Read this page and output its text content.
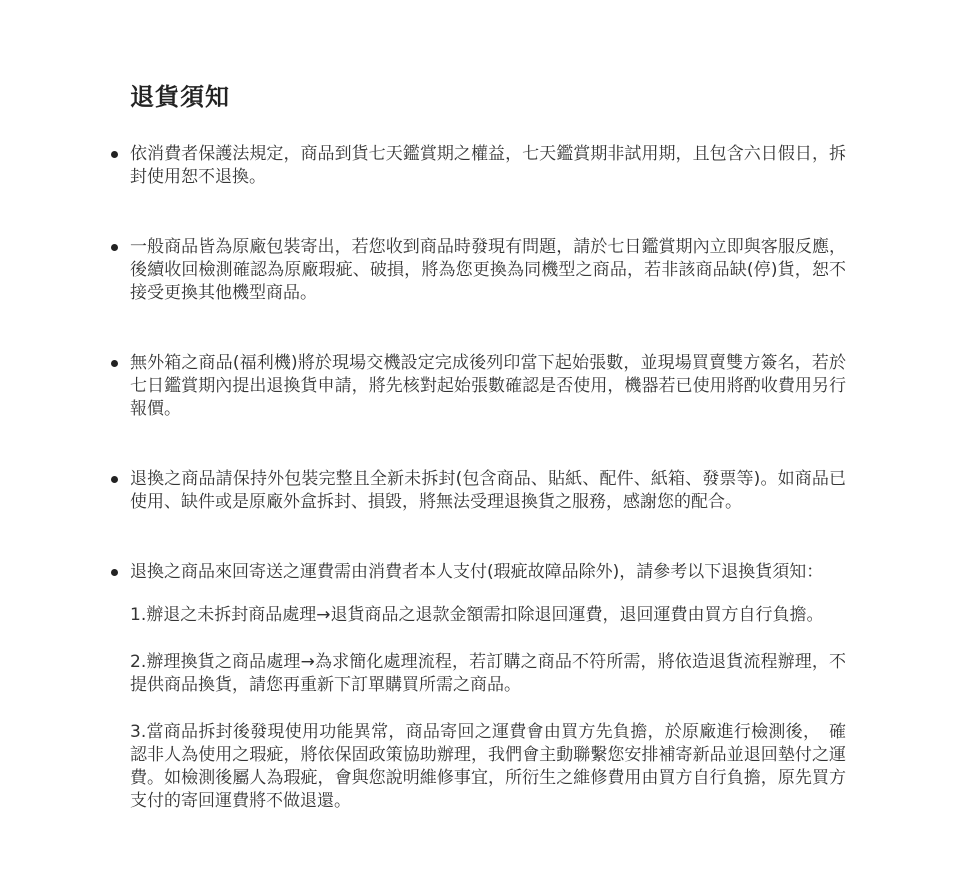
退貨須知
依消費者保護法規定，商品到貨七天鑑賞期之權益，七天鑑賞期非試用期，且包含六日假日，拆封使用恕不退換。
一般商品皆為原廠包裝寄出，若您收到商品時發現有問題，請於七日鑑賞期內立即與客服反應，後續收回檢測確認為原廠瑕疵、破損，將為您更換為同機型之商品，若非該商品缺(停)貨，恕不接受更換其他機型商品。
無外箱之商品(福利機)將於現場交機設定完成後列印當下起始張數，並現場買賣雙方簽名，若於七日鑑賞期內提出退換貨申請，將先核對起始張數確認是否使用，機器若已使用將酌收費用另行報價。
退換之商品請保持外包裝完整且全新未拆封(包含商品、貼紙、配件、紙箱、發票等)。如商品已使用、缺件或是原廠外盒拆封、損毀，將無法受理退換貨之服務，感謝您的配合。
退換之商品來回寄送之運費需由消費者本人支付(瑕疵故障品除外)，請參考以下退換貨須知：
1.辦退之未拆封商品處理→退貨商品之退款金額需扣除退回運費，退回運費由買方自行負擔。
2.辦理換貨之商品處理→為求簡化處理流程，若訂購之商品不符所需，將依造退貨流程辦理，不提供商品換貨，請您再重新下訂單購買所需之商品。
3.當商品拆封後發現使用功能異常，商品寄回之運費會由買方先負擔，於原廠進行檢測後，　確認非人為使用之瑕疵，將依保固政策協助辦理，我們會主動聯繫您安排補寄新品並退回墊付之運費。如檢測後屬人為瑕疵，會與您說明維修事宜，所衍生之維修費用由買方自行負擔，原先買方支付的寄回運費將不做退還。
